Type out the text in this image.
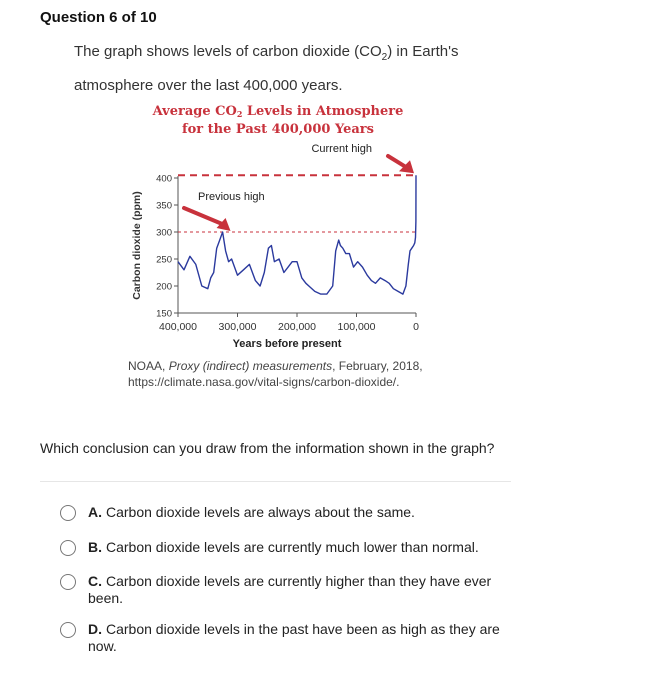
Question 6 of 10
The graph shows levels of carbon dioxide $(CO_2)$ in Earth's
atmosphere over the last 400,000 years.
Average CO2 Levels in Atmosphere
for the Past 400,000 Years
400
350
300
250
200
150
400,000 300,000 200,000 100,000	0
Years before present
Carbon dioxide (ppm)
Current high
Previous high
NOAA, Proxy (indirect) measurements, February, 2018,
https://climate.nasa.gov/vital-signs/carbon-dioxide/.
Which conclusion can you draw from the information shown in the graph?
A. Carbon dioxide levels are always about the same.
B. Carbon dioxide levels are currently much lower than normal.
C. Carbon dioxide levels are currently higher than they have ever been.
D. Carbon dioxide levels in the past have been as high as they are now.
